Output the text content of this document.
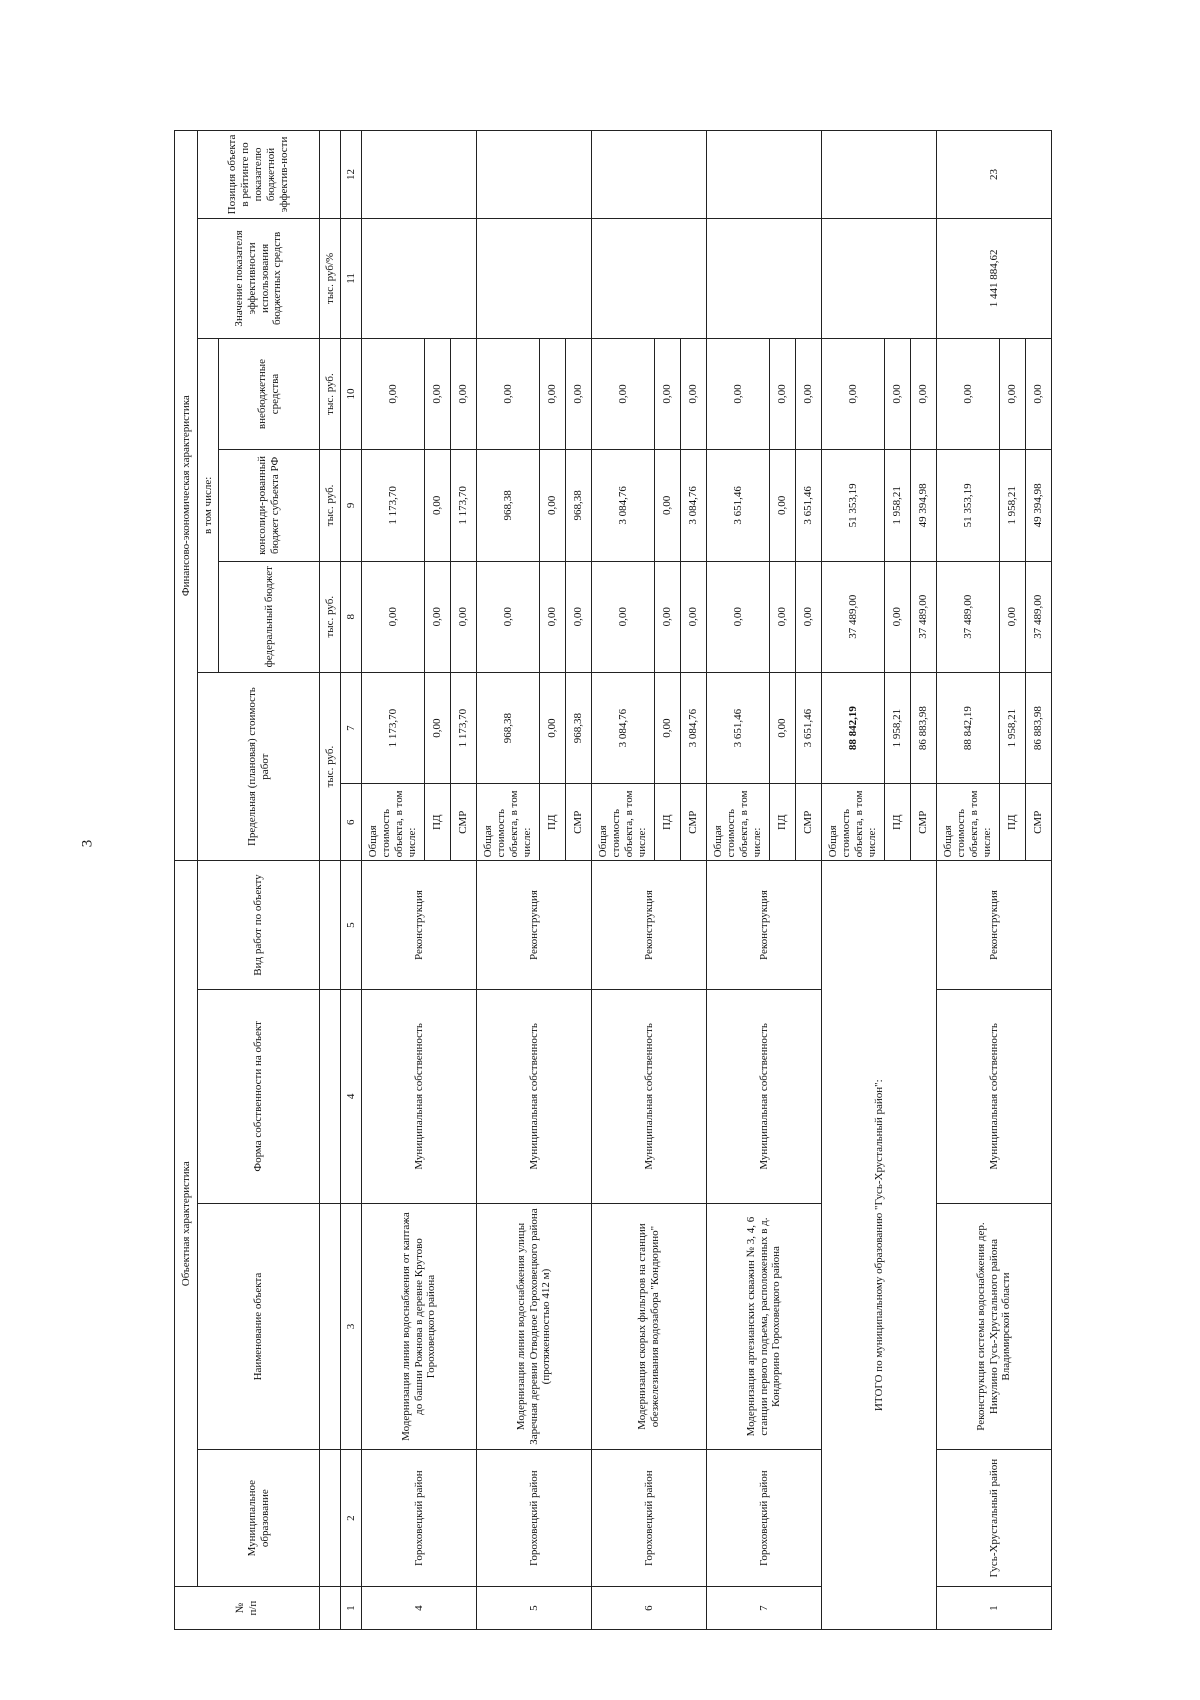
3
№
п/п	Объектная характеристика				Финансово-экономическая характеристика						
	Муниципальное образование	Наименование объекта	Форма собственности на объект	Вид работ по объекту	Предельная (плановая) стоимость работ		в том числе:			Значение показателя эффективности использования бюджетных средств	Позиция объекта в рейтинге по показателю бюджетной эффектив-ности
							федеральный бюджет	консолиди-рованный бюджет субъекта РФ	внебюджетные средства		
					тыс. руб.		тыс. руб.	тыс. руб.	тыс. руб.	тыс. руб/%	
1	2	3	4	5	6	7	8	9	10	11	12
4	Гороховецкий район	Модернизация линии водоснабжения от каптажа до башни Рожнова в деревне Крутово Гороховецкого района	Муниципальная собственность	Реконструкция	Общая стоимость объекта, в том числе:	1 173,70	0,00	1 173,70	0,00		
					ПД	0,00	0,00	0,00	0,00		
					СМР	1 173,70	0,00	1 173,70	0,00		
5	Гороховецкий район	Модернизация линии водоснабжения улицы Заречная деревни Отводное Гороховецкого района (протяженностью 412 м)	Муниципальная собственность	Реконструкция	Общая стоимость объекта, в том числе:	968,38	0,00	968,38	0,00		
					ПД	0,00	0,00	0,00	0,00		
					СМР	968,38	0,00	968,38	0,00		
6	Гороховецкий район	Модернизация скорых фильтров на станции обезжелезивания водозабора "Кондюрино"	Муниципальная собственность	Реконструкция	Общая стоимость объекта, в том числе:	3 084,76	0,00	3 084,76	0,00		
					ПД	0,00	0,00	0,00	0,00		
					СМР	3 084,76	0,00	3 084,76	0,00		
7	Гороховецкий район	Модернизация артезианских скважин № 3, 4, 6 станции первого подъема, расположенных в д. Кондюрино Гороховецкого района	Муниципальная собственность	Реконструкция	Общая стоимость объекта, в том числе:	3 651,46	0,00	3 651,46	0,00		
					ПД	0,00	0,00	0,00	0,00		
					СМР	3 651,46	0,00	3 651,46	0,00		
ИТОГО по муниципальному образованию "Гусь-Хрустальный район":					Общая стоимость объекта, в том числе:	88 842,19	37 489,00	51 353,19	0,00		
					ПД	1 958,21	0,00	1 958,21	0,00		
					СМР	86 883,98	37 489,00	49 394,98	0,00		
1	Гусь-Хрустальный район	Реконструкция системы водоснабжения дер. Никулино Гусь-Хрустального района Владимирской области	Муниципальная собственность	Реконструкция	Общая стоимость объекта, в том числе:	88 842,19	37 489,00	51 353,19	0,00	1 441 884,62	23
					ПД	1 958,21	0,00	1 958,21	0,00		
					СМР	86 883,98	37 489,00	49 394,98	0,00		
